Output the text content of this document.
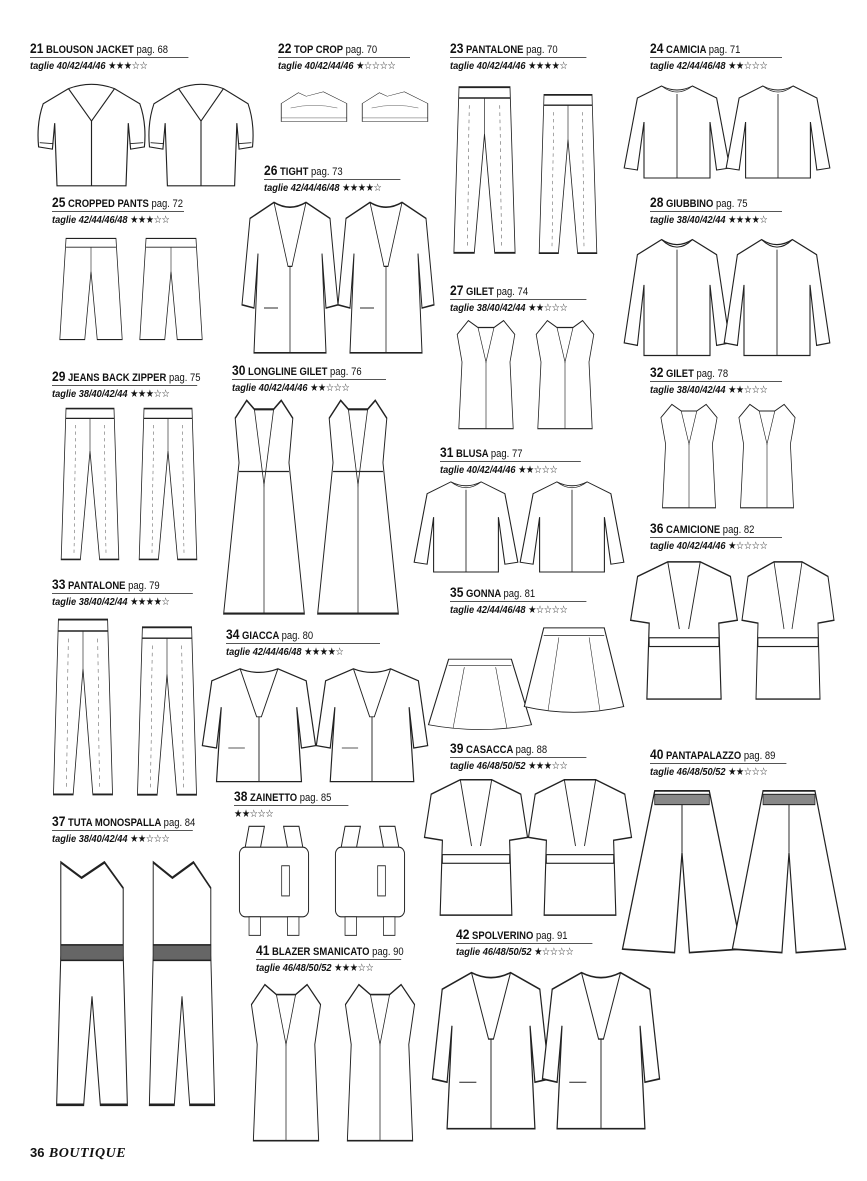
21 BLOUSON JACKET pag. 68
taglie 40/42/44/46 ★★★☆☆
22 TOP CROP pag. 70
taglie 40/42/44/46 ★☆☆☆☆
23 PANTALONE pag. 70
taglie 40/42/44/46 ★★★★☆
24 CAMICIA pag. 71
taglie 42/44/46/48 ★★☆☆☆
25 CROPPED PANTS pag. 72
taglie 42/44/46/48 ★★★☆☆
26 TIGHT pag. 73
taglie 42/44/46/48 ★★★★☆
27 GILET pag. 74
taglie 38/40/42/44 ★★☆☆☆
28 GIUBBINO pag. 75
taglie 38/40/42/44 ★★★★☆
29 JEANS BACK ZIPPER pag. 75
taglie 38/40/42/44 ★★★☆☆
30 LONGLINE GILET pag. 76
taglie 40/42/44/46 ★★☆☆☆
31 BLUSA pag. 77
taglie 40/42/44/46 ★★☆☆☆
32 GILET pag. 78
taglie 38/40/42/44 ★★☆☆☆
33 PANTALONE pag. 79
taglie 38/40/42/44 ★★★★☆
34 GIACCA pag. 80
taglie 42/44/46/48 ★★★★☆
35 GONNA pag. 81
taglie 42/44/46/48 ★☆☆☆☆
36 CAMICIONE pag. 82
taglie 40/42/44/46 ★☆☆☆☆
37 TUTA MONOSPALLA pag. 84
taglie 38/40/42/44 ★★☆☆☆
38 ZAINETTO pag. 85
★★☆☆☆
39 CASACCA pag. 88
taglie 46/48/50/52 ★★★☆☆
40 PANTAPALAZZO pag. 89
taglie 46/48/50/52 ★★☆☆☆
41 BLAZER SMANICATO pag. 90
taglie 46/48/50/52 ★★★☆☆
42 SPOLVERINO pag. 91
taglie 46/48/50/52 ★☆☆☆☆
36 BOUTIQUE
